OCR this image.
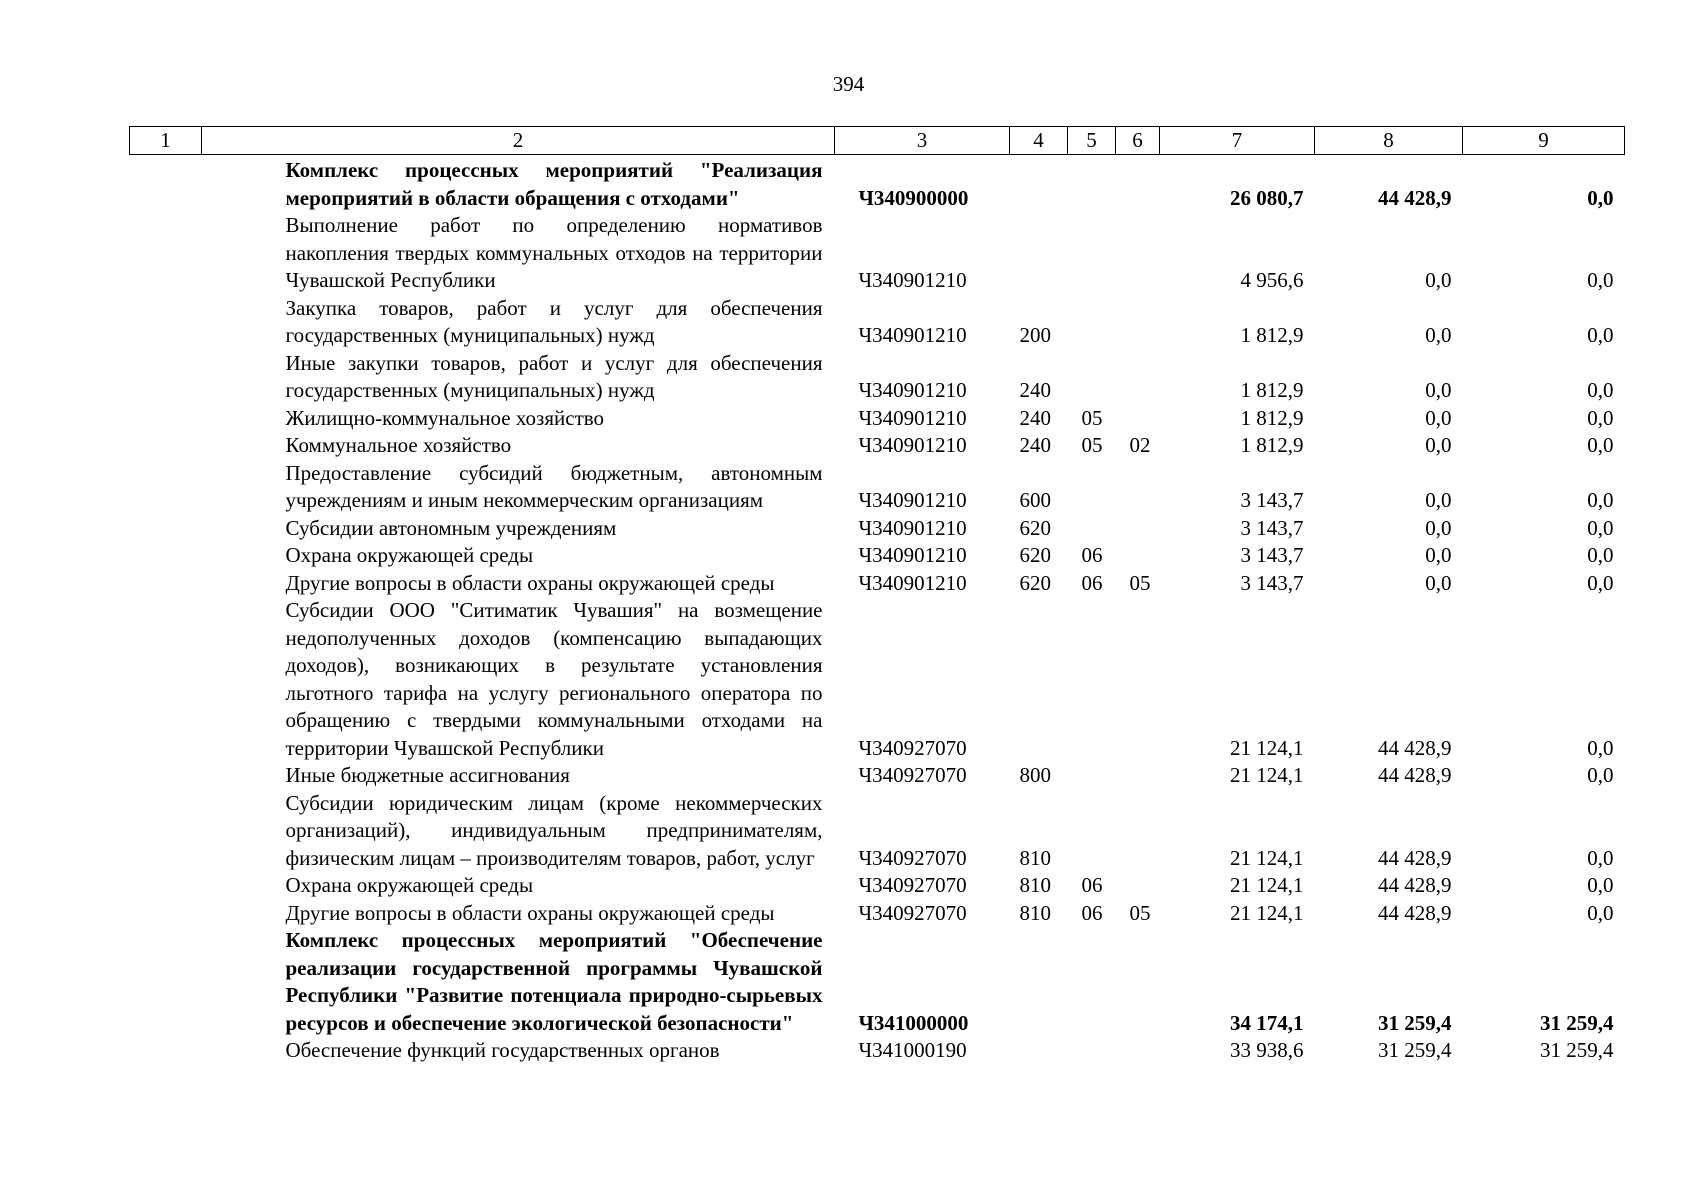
394
1	2	3	4	5	6	7	8	9
	Комплекс процессных мероприятий "Реализация мероприятий в области обращения с отходами"	Ч340900000				26 080,7	44 428,9	0,0
	Выполнение работ по определению нормативов накопления твердых коммунальных отходов на территории Чувашской Республики	Ч340901210				4 956,6	0,0	0,0
	Закупка товаров, работ и услуг для обеспечения государственных (муниципальных) нужд	Ч340901210	200			1 812,9	0,0	0,0
	Иные закупки товаров, работ и услуг для обеспечения государственных (муниципальных) нужд	Ч340901210	240			1 812,9	0,0	0,0
	Жилищно-коммунальное хозяйство	Ч340901210	240	05		1 812,9	0,0	0,0
	Коммунальное хозяйство	Ч340901210	240	05	02	1 812,9	0,0	0,0
	Предоставление субсидий бюджетным, автономным учреждениям и иным некоммерческим организациям	Ч340901210	600			3 143,7	0,0	0,0
	Субсидии автономным учреждениям	Ч340901210	620			3 143,7	0,0	0,0
	Охрана окружающей среды	Ч340901210	620	06		3 143,7	0,0	0,0
	Другие вопросы в области охраны окружающей среды	Ч340901210	620	06	05	3 143,7	0,0	0,0
	Субсидии ООО "Ситиматик Чувашия" на возмещение недополученных доходов (компенсацию выпадающих доходов), возникающих в результате установления льготного тарифа на услугу регионального оператора по обращению с твердыми коммунальными отходами на территории Чувашской Республики	Ч340927070				21 124,1	44 428,9	0,0
	Иные бюджетные ассигнования	Ч340927070	800			21 124,1	44 428,9	0,0
	Субсидии юридическим лицам (кроме некоммерческих организаций), индивидуальным предпринимателям, физическим лицам – производителям товаров, работ, услуг	Ч340927070	810			21 124,1	44 428,9	0,0
	Охрана окружающей среды	Ч340927070	810	06		21 124,1	44 428,9	0,0
	Другие вопросы в области охраны окружающей среды	Ч340927070	810	06	05	21 124,1	44 428,9	0,0
	Комплекс процессных мероприятий "Обеспечение реализации государственной программы Чувашской Республики "Развитие потенциала природно-сырьевых ресурсов и обеспечение экологической безопасности"	Ч341000000				34 174,1	31 259,4	31 259,4
	Обеспечение функций государственных органов	Ч341000190				33 938,6	31 259,4	31 259,4
